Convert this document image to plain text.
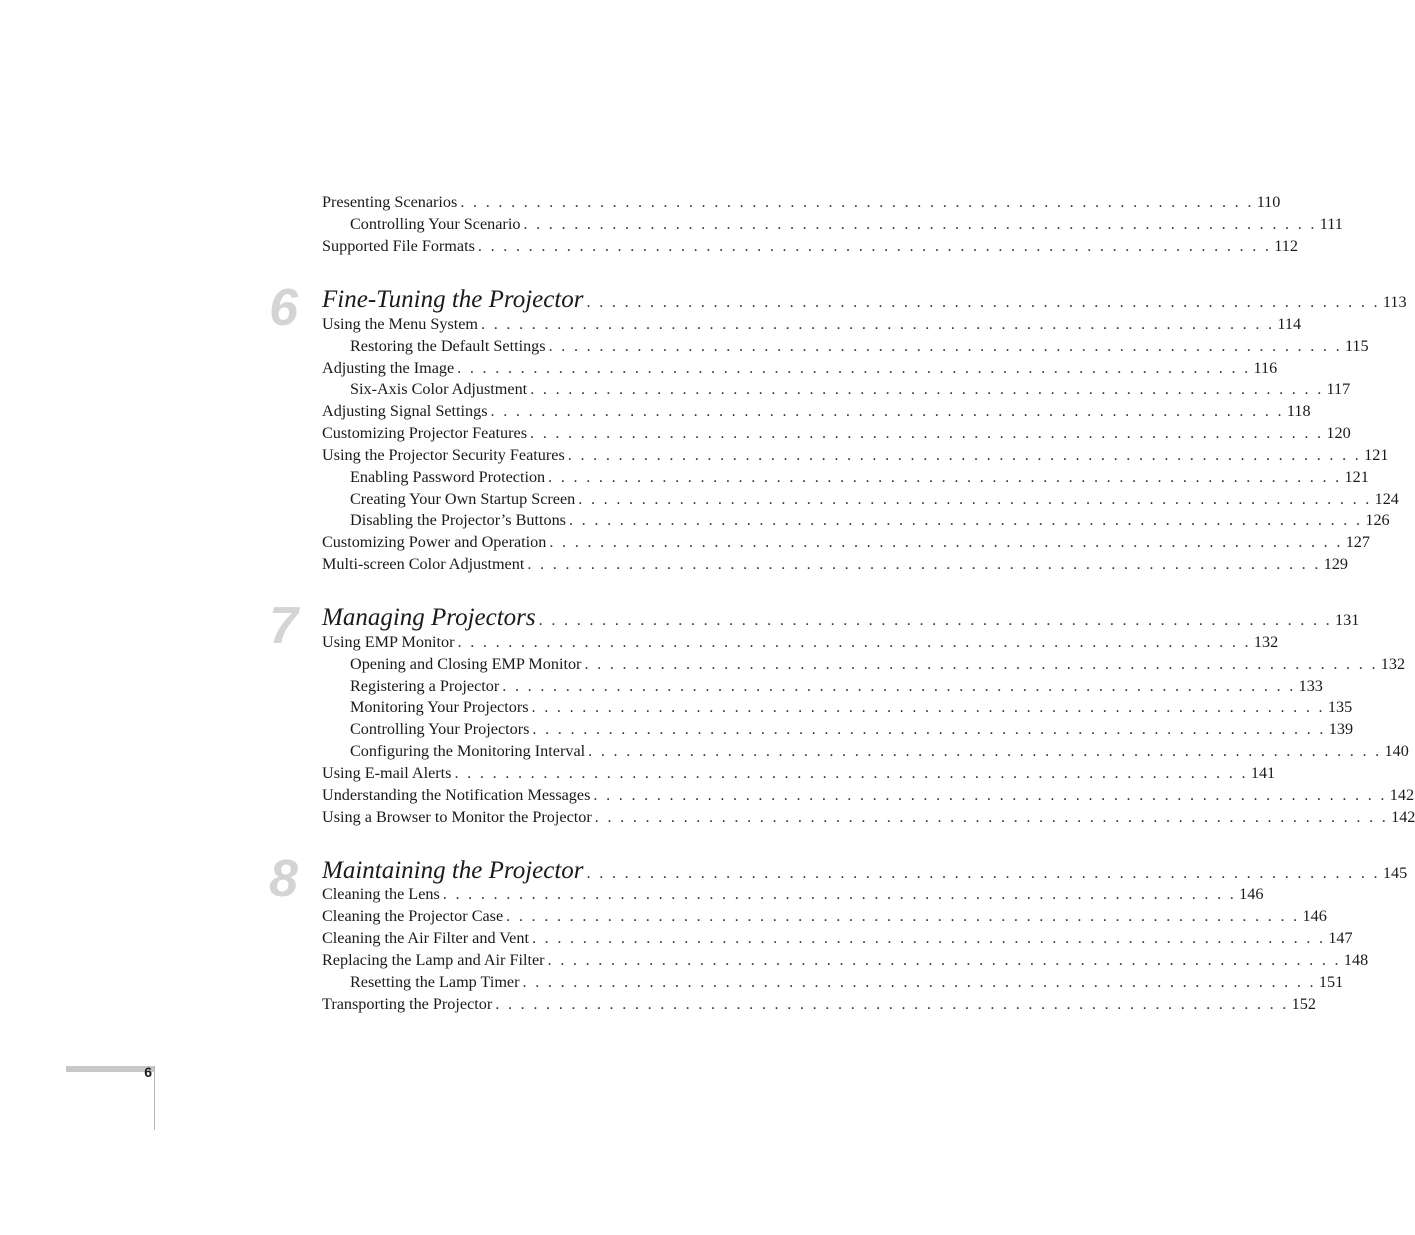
Presenting Scenarios . . . . . . . . . . . . . . . . . . . . . . . . . . . . . . . . . . . . . . . . . . . . . . . . . . . . . . . . . . . . . . . 110
Controlling Your Scenario . . . . . . . . . . . . . . . . . . . . . . . . . . . . . . . . . . . . . . . . . . . . . . . . . . . . . . . . . . . . . . . 111
Supported File Formats . . . . . . . . . . . . . . . . . . . . . . . . . . . . . . . . . . . . . . . . . . . . . . . . . . . . . . . . . . . . . . . 112
Fine-Tuning the Projector . . . . . . . . . . . . . . . . . . . . . . . . . . . . . . . . . . . . . . . . . . . . . . . . . . . . . . . . . . . . . . . 113
Using the Menu System . . . . . . . . . . . . . . . . . . . . . . . . . . . . . . . . . . . . . . . . . . . . . . . . . . . . . . . . . . . . . . . 114
Restoring the Default Settings . . . . . . . . . . . . . . . . . . . . . . . . . . . . . . . . . . . . . . . . . . . . . . . . . . . . . . . . . . . . . . . 115
Adjusting the Image . . . . . . . . . . . . . . . . . . . . . . . . . . . . . . . . . . . . . . . . . . . . . . . . . . . . . . . . . . . . . . . 116
Six-Axis Color Adjustment . . . . . . . . . . . . . . . . . . . . . . . . . . . . . . . . . . . . . . . . . . . . . . . . . . . . . . . . . . . . . . . 117
Adjusting Signal Settings . . . . . . . . . . . . . . . . . . . . . . . . . . . . . . . . . . . . . . . . . . . . . . . . . . . . . . . . . . . . . . . 118
Customizing Projector Features . . . . . . . . . . . . . . . . . . . . . . . . . . . . . . . . . . . . . . . . . . . . . . . . . . . . . . . . . . . . . . . 120
Using the Projector Security Features . . . . . . . . . . . . . . . . . . . . . . . . . . . . . . . . . . . . . . . . . . . . . . . . . . . . . . . . . . . . . . . 121
Enabling Password Protection . . . . . . . . . . . . . . . . . . . . . . . . . . . . . . . . . . . . . . . . . . . . . . . . . . . . . . . . . . . . . . . 121
Creating Your Own Startup Screen . . . . . . . . . . . . . . . . . . . . . . . . . . . . . . . . . . . . . . . . . . . . . . . . . . . . . . . . . . . . . . . 124
Disabling the Projector’s Buttons . . . . . . . . . . . . . . . . . . . . . . . . . . . . . . . . . . . . . . . . . . . . . . . . . . . . . . . . . . . . . . . 126
Customizing Power and Operation . . . . . . . . . . . . . . . . . . . . . . . . . . . . . . . . . . . . . . . . . . . . . . . . . . . . . . . . . . . . . . . 127
Multi-screen Color Adjustment . . . . . . . . . . . . . . . . . . . . . . . . . . . . . . . . . . . . . . . . . . . . . . . . . . . . . . . . . . . . . . . 129
Managing Projectors . . . . . . . . . . . . . . . . . . . . . . . . . . . . . . . . . . . . . . . . . . . . . . . . . . . . . . . . . . . . . . . 131
Using EMP Monitor . . . . . . . . . . . . . . . . . . . . . . . . . . . . . . . . . . . . . . . . . . . . . . . . . . . . . . . . . . . . . . . 132
Opening and Closing EMP Monitor . . . . . . . . . . . . . . . . . . . . . . . . . . . . . . . . . . . . . . . . . . . . . . . . . . . . . . . . . . . . . . . 132
Registering a Projector . . . . . . . . . . . . . . . . . . . . . . . . . . . . . . . . . . . . . . . . . . . . . . . . . . . . . . . . . . . . . . . 133
Monitoring Your Projectors . . . . . . . . . . . . . . . . . . . . . . . . . . . . . . . . . . . . . . . . . . . . . . . . . . . . . . . . . . . . . . . 135
Controlling Your Projectors . . . . . . . . . . . . . . . . . . . . . . . . . . . . . . . . . . . . . . . . . . . . . . . . . . . . . . . . . . . . . . . 139
Configuring the Monitoring Interval . . . . . . . . . . . . . . . . . . . . . . . . . . . . . . . . . . . . . . . . . . . . . . . . . . . . . . . . . . . . . . . 140
Using E-mail Alerts . . . . . . . . . . . . . . . . . . . . . . . . . . . . . . . . . . . . . . . . . . . . . . . . . . . . . . . . . . . . . . . 141
Understanding the Notification Messages . . . . . . . . . . . . . . . . . . . . . . . . . . . . . . . . . . . . . . . . . . . . . . . . . . . . . . . . . . . . . . . 142
Using a Browser to Monitor the Projector . . . . . . . . . . . . . . . . . . . . . . . . . . . . . . . . . . . . . . . . . . . . . . . . . . . . . . . . . . . . . . . 142
Maintaining the Projector . . . . . . . . . . . . . . . . . . . . . . . . . . . . . . . . . . . . . . . . . . . . . . . . . . . . . . . . . . . . . . . 145
Cleaning the Lens . . . . . . . . . . . . . . . . . . . . . . . . . . . . . . . . . . . . . . . . . . . . . . . . . . . . . . . . . . . . . . . 146
Cleaning the Projector Case . . . . . . . . . . . . . . . . . . . . . . . . . . . . . . . . . . . . . . . . . . . . . . . . . . . . . . . . . . . . . . . 146
Cleaning the Air Filter and Vent . . . . . . . . . . . . . . . . . . . . . . . . . . . . . . . . . . . . . . . . . . . . . . . . . . . . . . . . . . . . . . . 147
Replacing the Lamp and Air Filter . . . . . . . . . . . . . . . . . . . . . . . . . . . . . . . . . . . . . . . . . . . . . . . . . . . . . . . . . . . . . . . 148
Resetting the Lamp Timer . . . . . . . . . . . . . . . . . . . . . . . . . . . . . . . . . . . . . . . . . . . . . . . . . . . . . . . . . . . . . . . 151
Transporting the Projector . . . . . . . . . . . . . . . . . . . . . . . . . . . . . . . . . . . . . . . . . . . . . . . . . . . . . . . . . . . . . . . 152
6
7
8
6
